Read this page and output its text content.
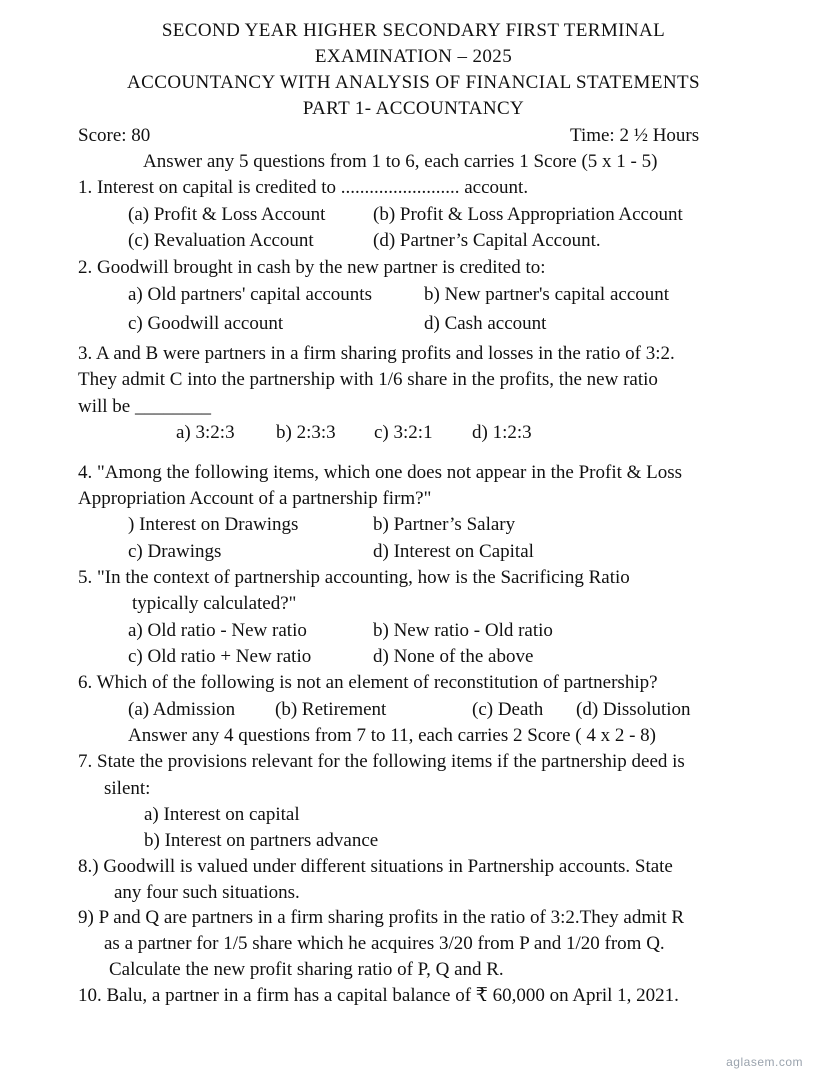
SECOND YEAR HIGHER SECONDARY FIRST TERMINAL
EXAMINATION – 2025
ACCOUNTANCY WITH ANALYSIS OF FINANCIAL STATEMENTS
PART 1- ACCOUNTANCY
Score: 80	Time: 2 ½ Hours
Answer any 5 questions from 1 to 6, each carries 1 Score (5 x 1 - 5)
1. Interest on capital is credited to ......................... account.
(a) Profit & Loss Account	(b) Profit & Loss Appropriation Account
(c) Revaluation Account	(d) Partner’s Capital Account.
2. Goodwill brought in cash by the new partner is credited to:
a) Old partners' capital accounts	b) New partner's capital account
c) Goodwill account	d) Cash account
3. A and B were partners in a firm sharing profits and losses in the ratio of 3:2.
They admit C into the partnership with 1/6 share in the profits, the new ratio
will be ________
a) 3:2:3 b) 2:3:3 c) 3:2:1 d) 1:2:3
4. "Among the following items, which one does not appear in the Profit & Loss
Appropriation Account of a partnership firm?"
) Interest on Drawings	b) Partner’s Salary
c) Drawings	d) Interest on Capital
5. "In the context of partnership accounting, how is the Sacrificing Ratio
typically calculated?"
a) Old ratio - New ratio	b) New ratio - Old ratio
c) Old ratio + New ratio	d) None of the above
6. Which of the following is not an element of reconstitution of partnership?
(a) Admission (b) Retirement	(c) Death (d) Dissolution
Answer any 4 questions from 7 to 11, each carries 2 Score ( 4 x 2 - 8)
7. State the provisions relevant for the following items if the partnership deed is
silent:
a) Interest on capital
b) Interest on partners advance
8.) Goodwill is valued under different situations in Partnership accounts. State
any four such situations.
9) P and Q are partners in a firm sharing profits in the ratio of 3:2.They admit R
as a partner for 1/5 share which he acquires 3/20 from P and 1/20 from Q.
Calculate the new profit sharing ratio of P, Q and R.
10. Balu, a partner in a firm has a capital balance of ₹ 60,000 on April 1, 2021.
aglasem.com
